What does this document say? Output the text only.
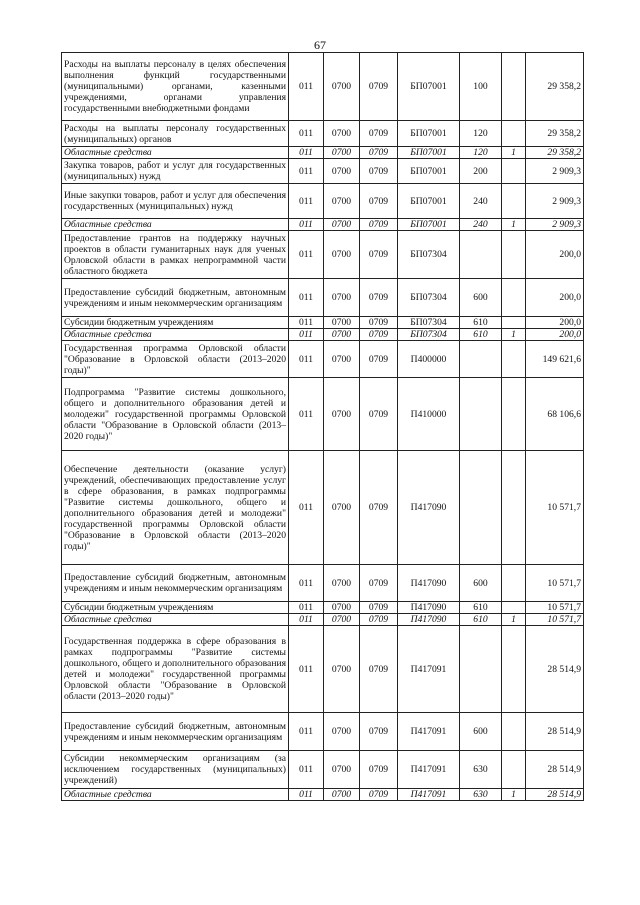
67
Расходы на выплаты персоналу в целях обеспечения выполнения функций государственными (муниципальными) органами, казенными учреждениями, органами управления государственными внебюджетными фондами	011	0700	0709	БП07001	100		29 358,2
Расходы на выплаты персоналу государственных (муниципальных) органов	011	0700	0709	БП07001	120		29 358,2
Областные средства	011	0700	0709	БП07001	120	1	29 358,2
Закупка товаров, работ и услуг для государственных (муниципальных) нужд	011	0700	0709	БП07001	200		2 909,3
Иные закупки товаров, работ и услуг для обеспечения государственных (муниципальных) нужд	011	0700	0709	БП07001	240		2 909,3
Областные средства	011	0700	0709	БП07001	240	1	2 909,3
Предоставление грантов на поддержку научных проектов в области гуманитарных наук для ученых Орловской области в рамках непрограммной части областного бюджета	011	0700	0709	БП07304			200,0
Предоставление субсидий бюджетным, автономным учреждениям и иным некоммерческим организациям	011	0700	0709	БП07304	600		200,0
Субсидии бюджетным учреждениям	011	0700	0709	БП07304	610		200,0
Областные средства	011	0700	0709	БП07304	610	1	200,0
Государственная программа Орловской области "Образование в Орловской области (2013–2020 годы)"	011	0700	0709	П400000			149 621,6
Подпрограмма "Развитие системы дошкольного, общего и дополнительного образования детей и молодежи" государственной программы Орловской области "Образование в Орловской области (2013–2020 годы)"	011	0700	0709	П410000			68 106,6
Обеспечение деятельности (оказание услуг) учреждений, обеспечивающих предоставление услуг в сфере образования, в рамках подпрограммы "Развитие системы дошкольного, общего и дополнительного образования детей и молодежи" государственной программы Орловской области "Образование в Орловской области (2013–2020 годы)"	011	0700	0709	П417090			10 571,7
Предоставление субсидий бюджетным, автономным учреждениям и иным некоммерческим организациям	011	0700	0709	П417090	600		10 571,7
Субсидии бюджетным учреждениям	011	0700	0709	П417090	610		10 571,7
Областные средства	011	0700	0709	П417090	610	1	10 571,7
Государственная поддержка в сфере образования в рамках подпрограммы "Развитие системы дошкольного, общего и дополнительного образования детей и молодежи" государственной программы Орловской области "Образование в Орловской области (2013–2020 годы)"	011	0700	0709	П417091			28 514,9
Предоставление субсидий бюджетным, автономным учреждениям и иным некоммерческим организациям	011	0700	0709	П417091	600		28 514,9
Субсидии некоммерческим организациям (за исключением государственных (муниципальных) учреждений)	011	0700	0709	П417091	630		28 514,9
Областные средства	011	0700	0709	П417091	630	1	28 514,9
